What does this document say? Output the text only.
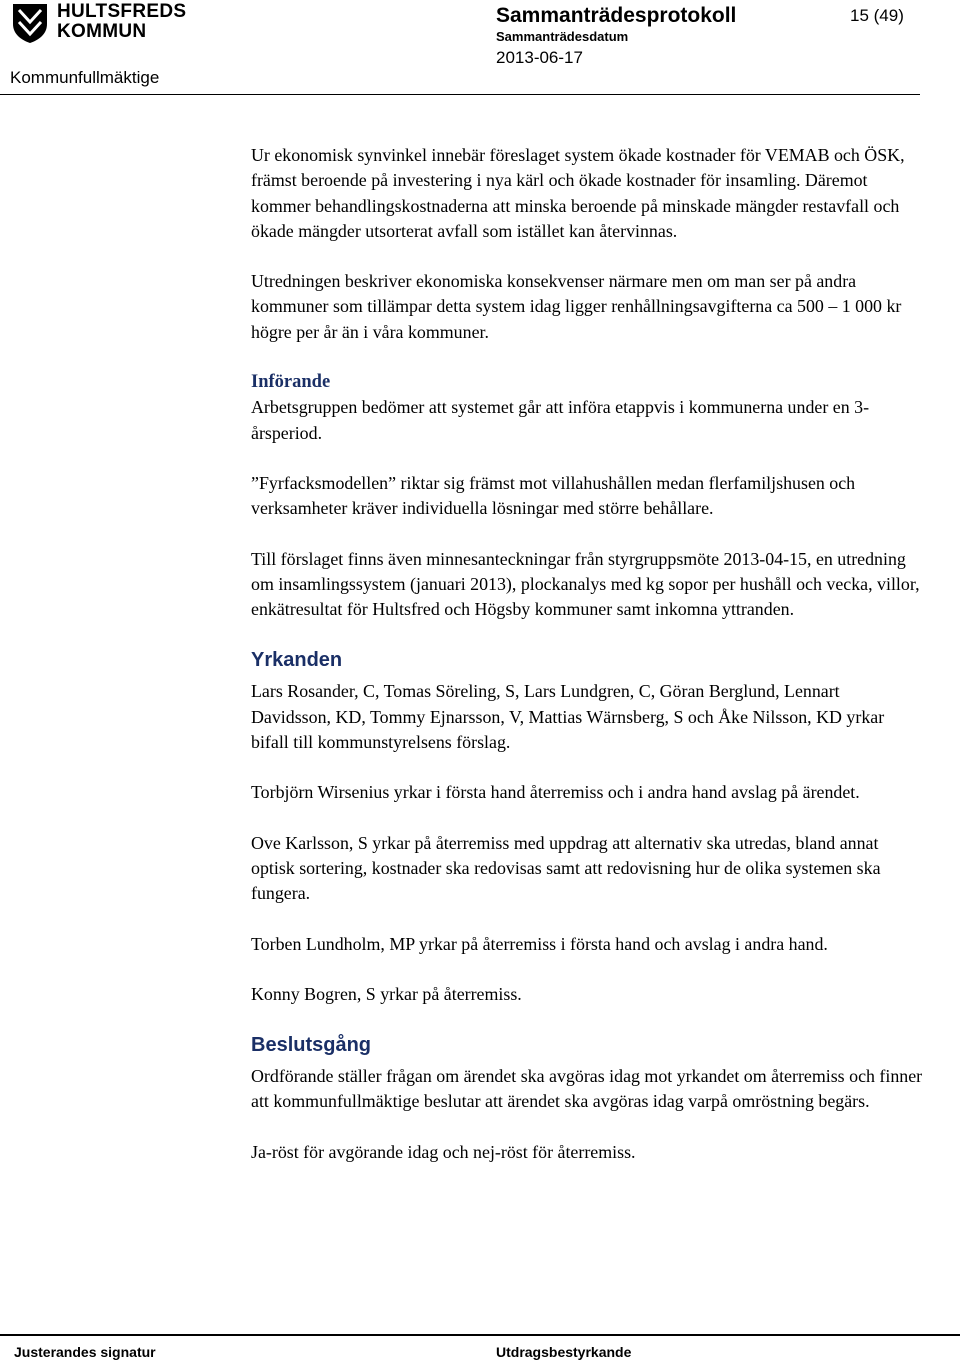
HULTSFREDS
KOMMUN
Sammanträdesprotokoll
Sammanträdesdatum
2013-06-17
15 (49)
Kommunfullmäktige

Ur ekonomisk synvinkel innebär föreslaget system ökade kostnader för VEMAB och ÖSK, främst beroende på investering i nya kärl och ökade kostnader för insamling. Däremot kommer behandlingskostnaderna att minska beroende på minskade mängder restavfall och ökade mängder utsorterat avfall som istället kan återvinnas.

Utredningen beskriver ekonomiska konsekvenser närmare men om man ser på andra kommuner som tillämpar detta system idag ligger renhållningsavgifterna ca 500 – 1 000 kr högre per år än i våra kommuner.

Införande

Arbetsgruppen bedömer att systemet går att införa etappvis i kommunerna under en 3-årsperiod.

”Fyrfacksmodellen” riktar sig främst mot villahushållen medan flerfamiljshusen och verksamheter kräver individuella lösningar med större behållare.

Till förslaget finns även minnesanteckningar från styrgruppsmöte 2013-04-15, en utredning om insamlingssystem (januari 2013), plockanalys med kg sopor per hushåll och vecka, villor, enkätresultat för Hultsfred och Högsby kommuner samt inkomna yttranden.

Yrkanden

Lars Rosander, C, Tomas Söreling, S, Lars Lundgren, C, Göran Berglund, Lennart Davidsson, KD, Tommy Ejnarsson, V, Mattias Wärnsberg, S och Åke Nilsson, KD yrkar bifall till kommunstyrelsens förslag.

Torbjörn Wirsenius yrkar i första hand återremiss och i andra hand avslag på ärendet.

Ove Karlsson, S yrkar på återremiss med uppdrag att alternativ ska utredas, bland annat optisk sortering, kostnader ska redovisas samt att redovisning hur de olika systemen ska fungera.

Torben Lundholm, MP yrkar på återremiss i första hand och avslag i andra hand.

Konny Bogren, S yrkar på återremiss.

Beslutsgång

Ordförande ställer frågan om ärendet ska avgöras idag mot yrkandet om återremiss och finner att kommunfullmäktige beslutar att ärendet ska avgöras idag varpå omröstning begärs.

Ja-röst för avgörande idag och nej-röst för återremiss.

Justerandes signatur	Utdragsbestyrkande
